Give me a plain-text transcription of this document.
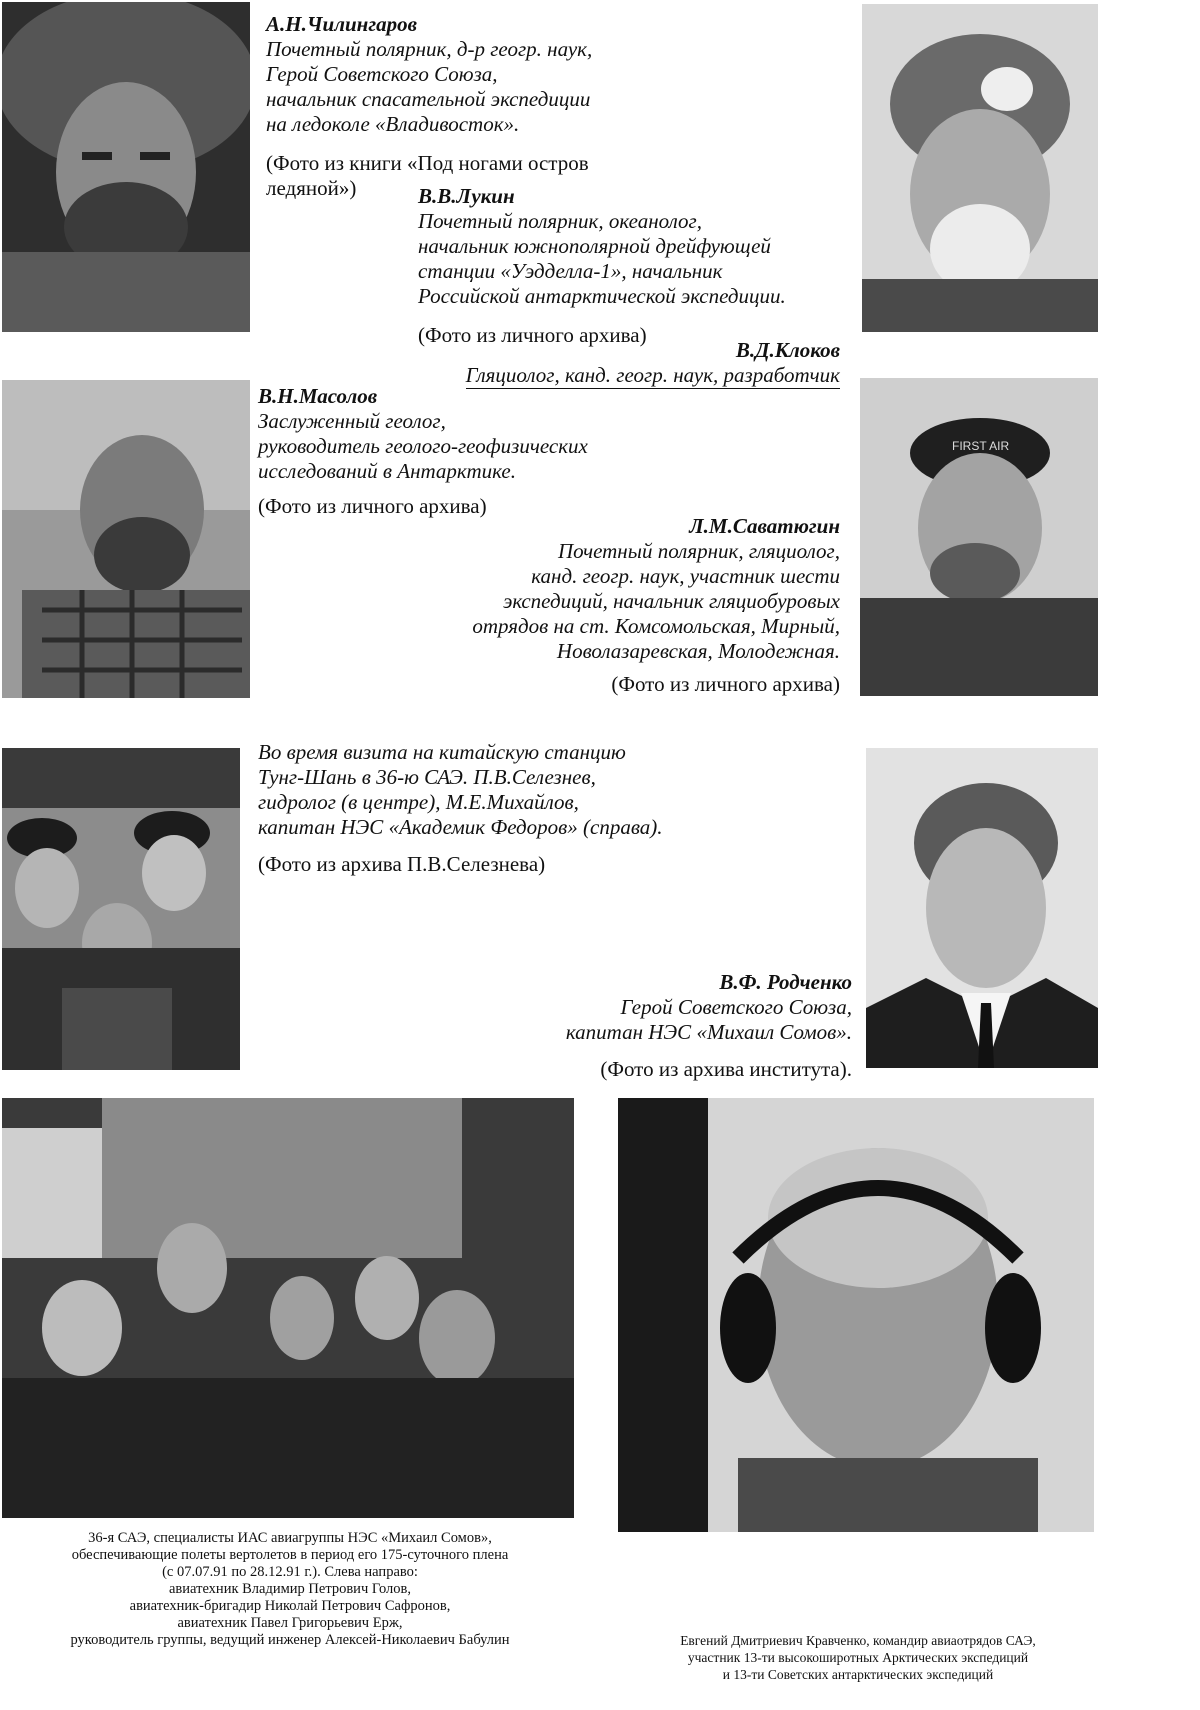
FIRST AIR
А.Н.Чилингаров
Почетный полярник, д-р геогр. наук,
Герой Советского Союза,
начальник спасательной экспедиции
на ледоколе «Владивосток».
(Фото из книги «Под ногами остров ледяной»)	В.В.Лукин
Почетный полярник, океанолог,
начальник южнополярной дрейфующей
станции «Уэдделла-1», начальник
Российской антарктической экспедиции.
(Фото из личного архива)
В.Д.Клоков
Гляциолог, канд. геогр. наук, разработчик
В.Н.Масолов
Заслуженный геолог,
руководитель геолого-геофизических
исследований в Антарктике.
(Фото из личного архива)
Л.М.Саватюгин
Почетный полярник, гляциолог,
канд. геогр. наук, участник шести
экспедиций, начальник гляциобуровых
отрядов на ст. Комсомольская, Мирный,
Новолазаревская, Молодежная.
(Фото из личного архива)
Во время визита на китайскую станцию
Тунг-Шань в 36-ю САЭ. П.В.Селезнев,
гидролог (в центре), М.Е.Михайлов,
капитан НЭС «Академик Федоров» (справа).
(Фото из архива П.В.Селезнева)
В.Ф. Родченко
Герой Советского Союза,
капитан НЭС «Михаил Сомов».
(Фото из архива института).
36-я САЭ, специалисты ИАС авиагруппы НЭС «Михаил Сомов»,
обеспечивающие полеты вертолетов в период его 175-суточного плена
(с 07.07.91 по 28.12.91 г.). Слева направо:
авиатехник Владимир Петрович Голов,
авиатехник-бригадир Николай Петрович Сафронов,
авиатехник Павел Григорьевич Ерж,
руководитель группы, ведущий инженер Алексей-Николаевич Бабулин	Евгений Дмитриевич Кравченко, командир авиаотрядов САЭ,
участник 13-ти высокоширотных Арктических экспедиций
и 13-ти Советских антарктических экспедиций
